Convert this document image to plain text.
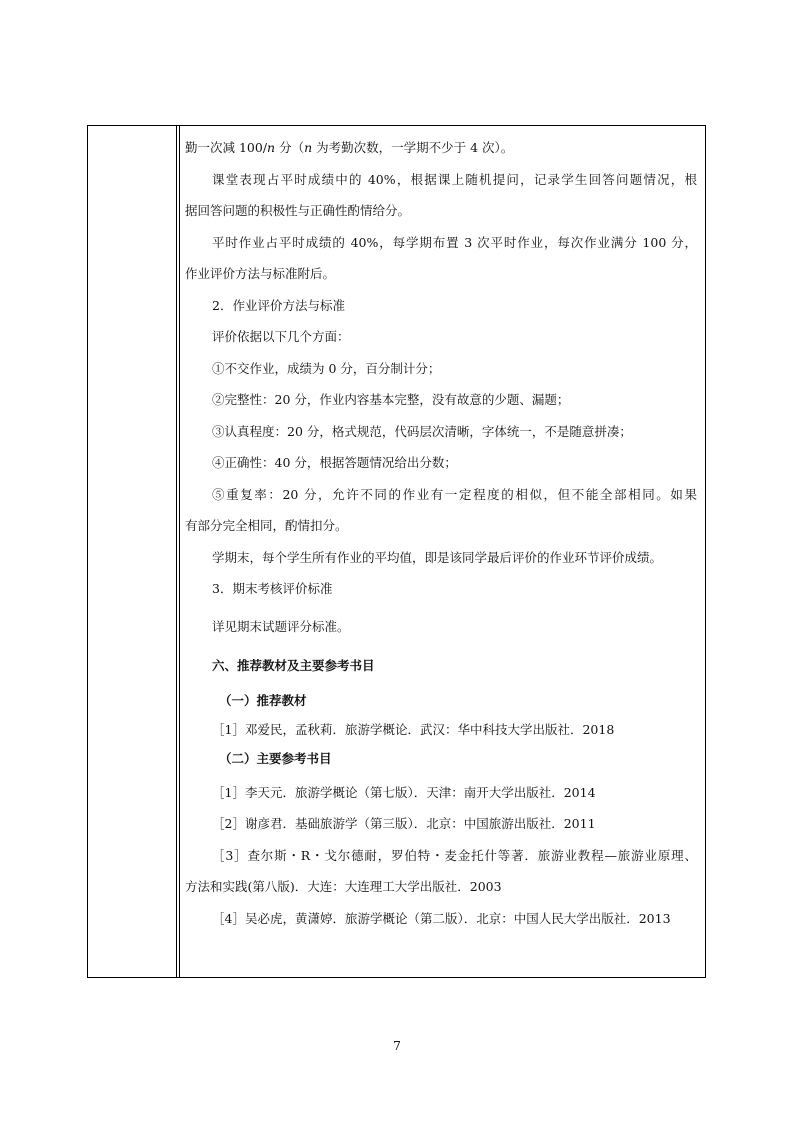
勤一次减 100/n 分（n 为考勤次数，一学期不少于 4 次）。
课堂表现占平时成绩中的 40%，根据课上随机提问，记录学生回答问题情况，根
据回答问题的积极性与正确性酌情给分。
平时作业占平时成绩的 40%，每学期布置 3 次平时作业，每次作业满分 100 分，
作业评价方法与标准附后。
2．作业评价方法与标准
评价依据以下几个方面：
①不交作业，成绩为 0 分，百分制计分；
②完整性：20 分，作业内容基本完整，没有故意的少题、漏题；
③认真程度：20 分，格式规范，代码层次清晰，字体统一，不是随意拼凑；
④正确性：40 分，根据答题情况给出分数；
⑤重复率：20 分，允许不同的作业有一定程度的相似，但不能全部相同。如果
有部分完全相同，酌情扣分。
学期末，每个学生所有作业的平均值，即是该同学最后评价的作业环节评价成绩。
3．期末考核评价标准
详见期末试题评分标准。
六、推荐教材及主要参考书目
（一）推荐教材
［1］邓爱民，孟秋莉．旅游学概论．武汉：华中科技大学出版社．2018
（二）主要参考书目
［1］李天元．旅游学概论（第七版）．天津：南开大学出版社．2014
［2］谢彦君．基础旅游学（第三版）．北京：中国旅游出版社．2011
［3］查尔斯・R・戈尔德耐，罗伯特・麦金托什等著．旅游业教程—旅游业原理、
方法和实践(第八版)．大连：大连理工大学出版社．2003
［4］吴必虎，黄潇婷．旅游学概论（第二版）．北京：中国人民大学出版社．2013
7
